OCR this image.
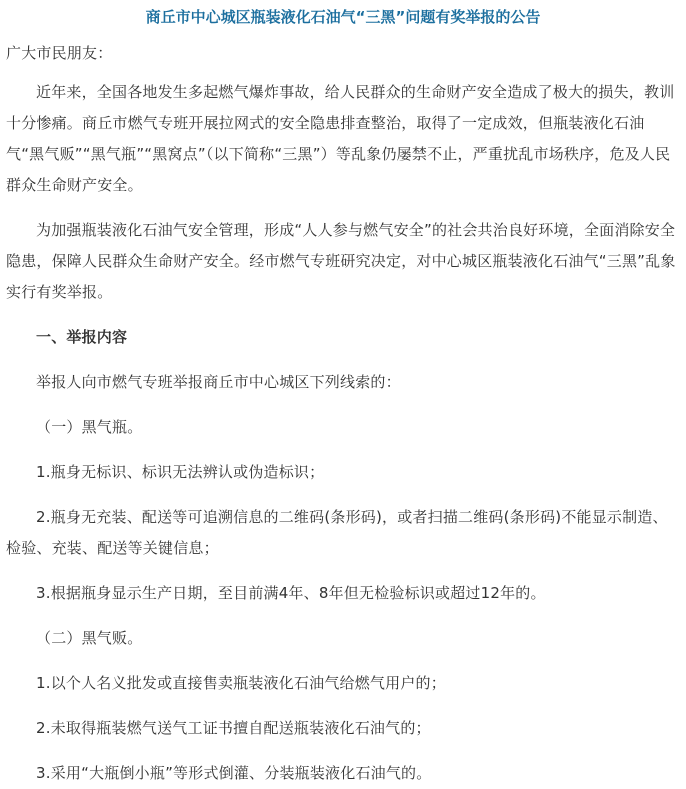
商丘市中心城区瓶装液化石油气“三黑”问题有奖举报的公告

广大市民朋友：

近年来，全国各地发生多起燃气爆炸事故，给人民群众的生命财产安全造成了极大的损失，教训十分惨痛。商丘市燃气专班开展拉网式的安全隐患排查整治，取得了一定成效，但瓶装液化石油气“黑气贩”“黑气瓶”“黑窝点”（以下简称“三黑”）等乱象仍屡禁不止，严重扰乱市场秩序，危及人民群众生命财产安全。

为加强瓶装液化石油气安全管理，形成“人人参与燃气安全”的社会共治良好环境，全面消除安全隐患，保障人民群众生命财产安全。经市燃气专班研究决定，对中心城区瓶装液化石油气“三黑”乱象实行有奖举报。

一、举报内容

举报人向市燃气专班举报商丘市中心城区下列线索的：

（一）黑气瓶。

1.瓶身无标识、标识无法辨认或伪造标识；

2.瓶身无充装、配送等可追溯信息的二维码(条形码)，或者扫描二维码(条形码)不能显示制造、检验、充装、配送等关键信息；

3.根据瓶身显示生产日期，至目前满4年、8年但无检验标识或超过12年的。

（二）黑气贩。

1.以个人名义批发或直接售卖瓶装液化石油气给燃气用户的；

2.未取得瓶装燃气送气工证书擅自配送瓶装液化石油气的；

3.采用“大瓶倒小瓶”等形式倒灌、分装瓶装液化石油气的。
